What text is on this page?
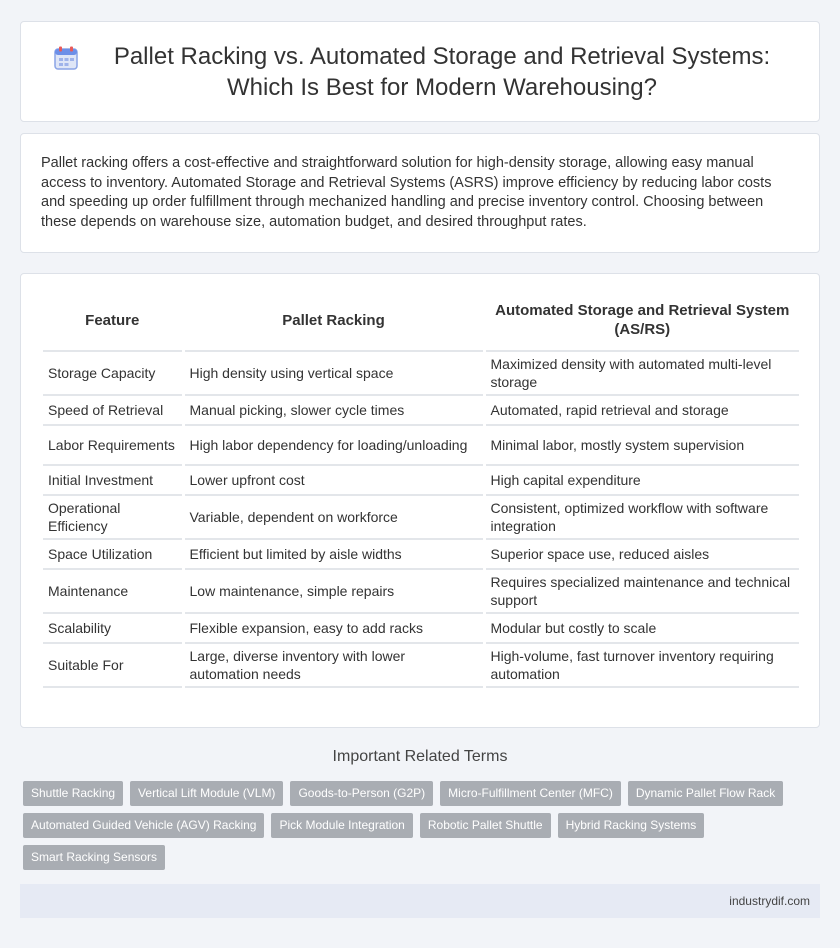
Pallet Racking vs. Automated Storage and Retrieval Systems: Which Is Best for Modern Warehousing?

Pallet racking offers a cost-effective and straightforward solution for high-density storage, allowing easy manual access to inventory. Automated Storage and Retrieval Systems (ASRS) improve efficiency by reducing labor costs and speeding up order fulfillment through mechanized handling and precise inventory control. Choosing between these depends on warehouse size, automation budget, and desired throughput rates.

Feature	Pallet Racking	Automated Storage and Retrieval System (AS/RS)
Storage Capacity	High density using vertical space	Maximized density with automated multi-level storage
Speed of Retrieval	Manual picking, slower cycle times	Automated, rapid retrieval and storage
Labor Requirements	High labor dependency for loading/unloading	Minimal labor, mostly system supervision
Initial Investment	Lower upfront cost	High capital expenditure
Operational Efficiency	Variable, dependent on workforce	Consistent, optimized workflow with software integration
Space Utilization	Efficient but limited by aisle widths	Superior space use, reduced aisles
Maintenance	Low maintenance, simple repairs	Requires specialized maintenance and technical support
Scalability	Flexible expansion, easy to add racks	Modular but costly to scale
Suitable For	Large, diverse inventory with lower automation needs	High-volume, fast turnover inventory requiring automation
Important Related Terms
Shuttle Racking	Vertical Lift Module (VLM)	Goods-to-Person (G2P)	Micro-Fulfillment Center (MFC)	Dynamic Pallet Flow Rack
Automated Guided Vehicle (AGV) Racking	Pick Module Integration	Robotic Pallet Shuttle	Hybrid Racking Systems
Smart Racking Sensors
industrydif.com
